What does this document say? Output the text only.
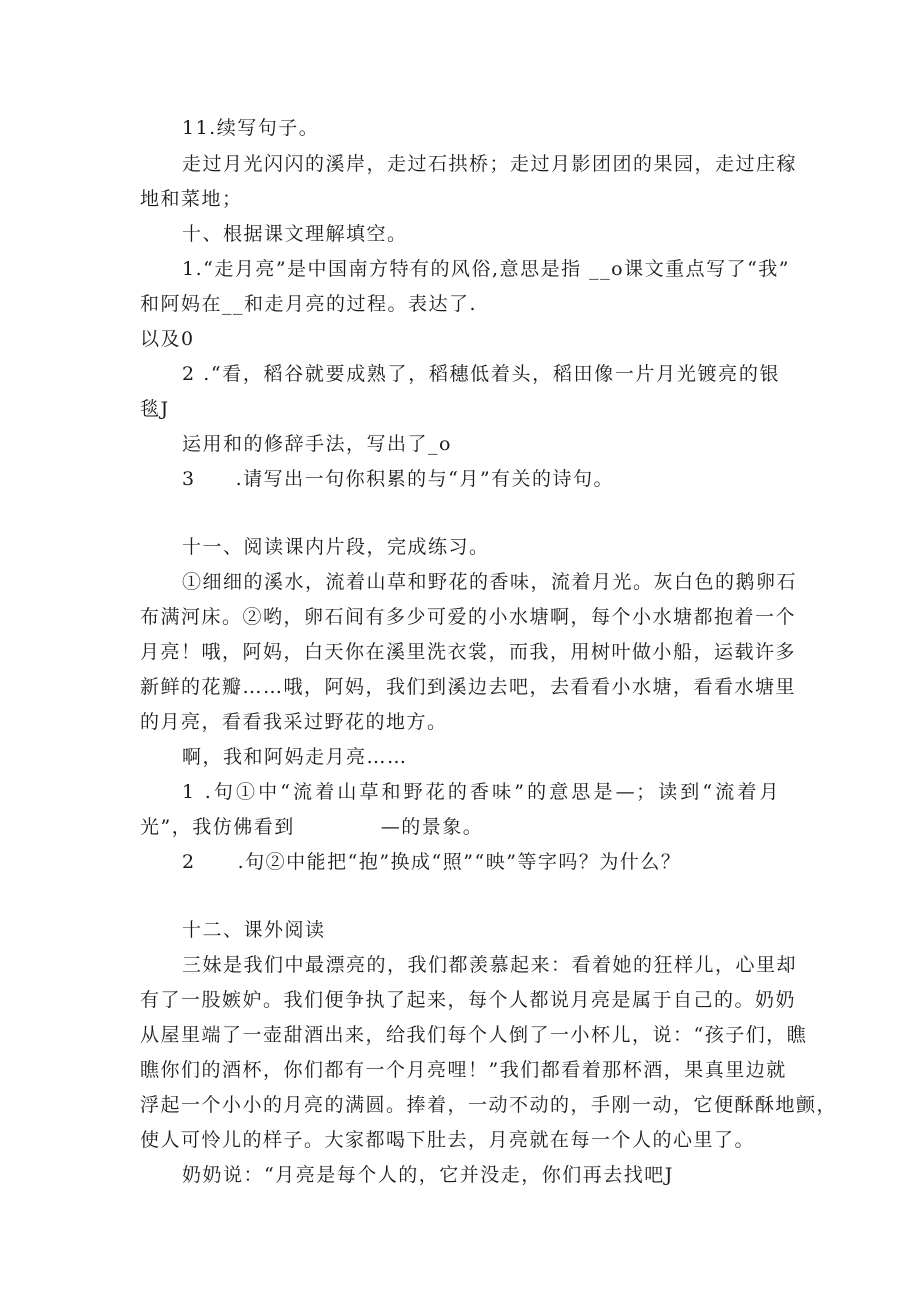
11.续写句子。
走过月光闪闪的溪岸，走过石拱桥；走过月影团团的果园，走过庄稼
地和菜地；
十、根据课文理解填空。
1.“走月亮”是中国南方特有的风俗,意思是指 __o课文重点写了“我”
和阿妈在__和走月亮的过程。表达了.
以及0
2 .“看，稻谷就要成熟了，稻穗低着头，稻田像一片月光镀亮的银
毯J
运用和的修辞手法，写出了_o
3 .请写出一句你积累的与“月”有关的诗句。
十一、阅读课内片段，完成练习。
①细细的溪水，流着山草和野花的香味，流着月光。灰白色的鹅卵石
布满河床。②哟，卵石间有多少可爱的小水塘啊，每个小水塘都抱着一个
月亮！哦，阿妈，白天你在溪里洗衣裳，而我，用树叶做小船，运载许多
新鲜的花瓣……哦，阿妈，我们到溪边去吧，去看看小水塘，看看水塘里
的月亮，看看我采过野花的地方。
啊，我和阿妈走月亮……
1 .句①中“流着山草和野花的香味”的意思是—；读到“流着月
光”，我仿佛看到	—的景象。
2 .句②中能把“抱”换成“照”“映”等字吗？为什么？
十二、课外阅读
三妹是我们中最漂亮的，我们都羡慕起来：看着她的狂样儿，心里却
有了一股嫉妒。我们便争执了起来，每个人都说月亮是属于自己的。奶奶
从屋里端了一壶甜酒出来，给我们每个人倒了一小杯儿，说：“孩子们，瞧
瞧你们的酒杯，你们都有一个月亮哩！”我们都看着那杯酒，果真里边就
浮起一个小小的月亮的满圆。捧着，一动不动的，手刚一动，它便酥酥地颤，
使人可怜儿的样子。大家都喝下肚去，月亮就在每一个人的心里了。
奶奶说：“月亮是每个人的，它并没走，你们再去找吧J
